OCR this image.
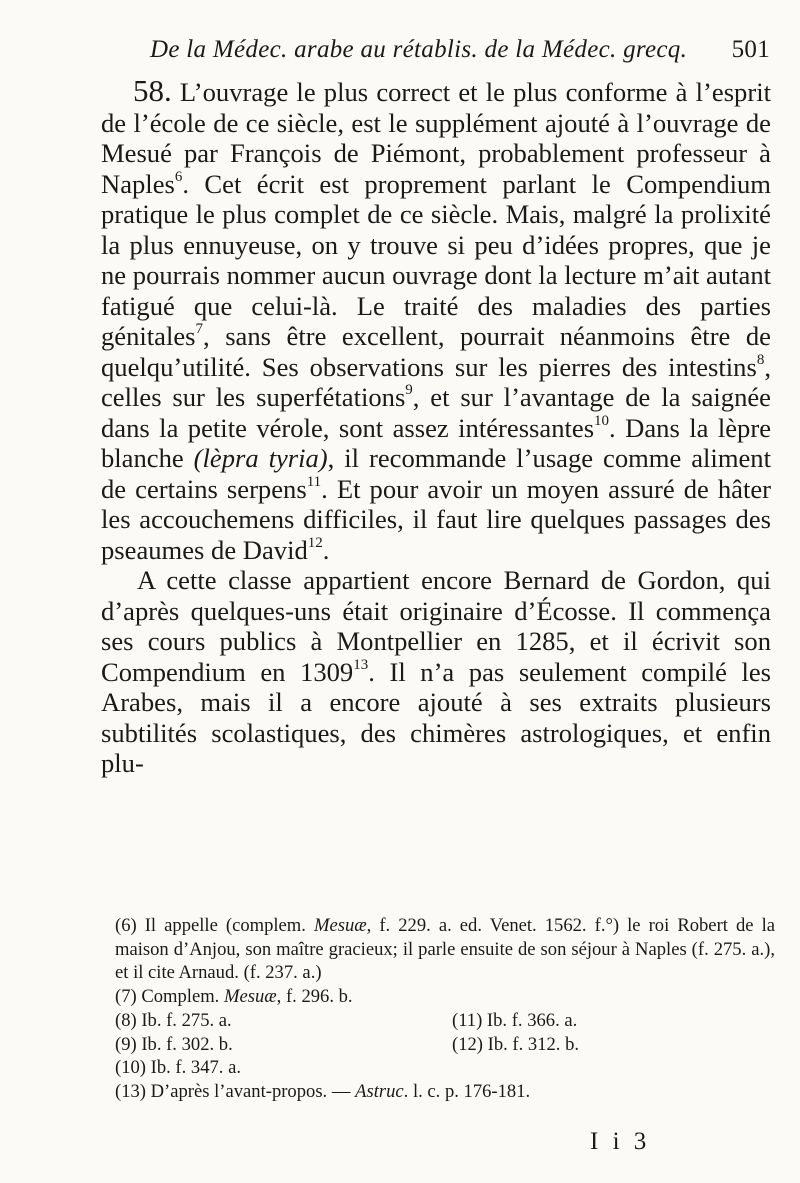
De la Médec. arabe au rétablis. de la Médec. grecq. 501

58. L’ouvrage le plus correct et le plus conforme à l’esprit de l’école de ce siècle, est le supplément ajouté à l’ouvrage de Mesué par François de Piémont, probablement professeur à Naples$^6$. Cet écrit est proprement parlant le Compendium pratique le plus complet de ce siècle. Mais, malgré la prolixité la plus ennuyeuse, on y trouve si peu d’idées propres, que je ne pourrais nommer aucun ouvrage dont la lecture m’ait autant fatigué que celui-là. Le traité des maladies des parties génitales$^7$, sans être excellent, pourrait néanmoins être de quelqu’utilité. Ses observations sur les pierres des intestins$^8$, celles sur les superfétations$^9$, et sur l’avantage de la saignée dans la petite vérole, sont assez intéressantes$^{10}$. Dans la lèpre blanche (lèpra tyria), il recommande l’usage comme aliment de certains serpens$^{11}$. Et pour avoir un moyen assuré de hâter les accouchemens difficiles, il faut lire quelques passages des pseaumes de David$^{12}$.

A cette classe appartient encore Bernard de Gordon, qui d’après quelques-uns était originaire d’Écosse. Il commença ses cours publics à Montpellier en 1285, et il écrivit son Compendium en 1309$^{13}$. Il n’a pas seulement compilé les Arabes, mais il a encore ajouté à ses extraits plusieurs subtilités scolastiques, des chimères astrologiques, et enfin plu-

(6) Il appelle (complem. Mesuæ, f. 229. a. ed. Venet. 1562. f.°) le roi Robert de la maison d’Anjou, son maître gracieux; il parle ensuite de son séjour à Naples (f. 275. a.), et il cite Arnaud. (f. 237. a.)

(7) Complem. Mesuæ, f. 296. b.

(8) Ib. f. 275. a.	(11) Ib. f. 366. a.
(9) Ib. f. 302. b.	(12) Ib. f. 312. b.

(10) Ib. f. 347. a.

(13) D’après l’avant-propos. — Astruc. l. c. p. 176-181.

I i 3
